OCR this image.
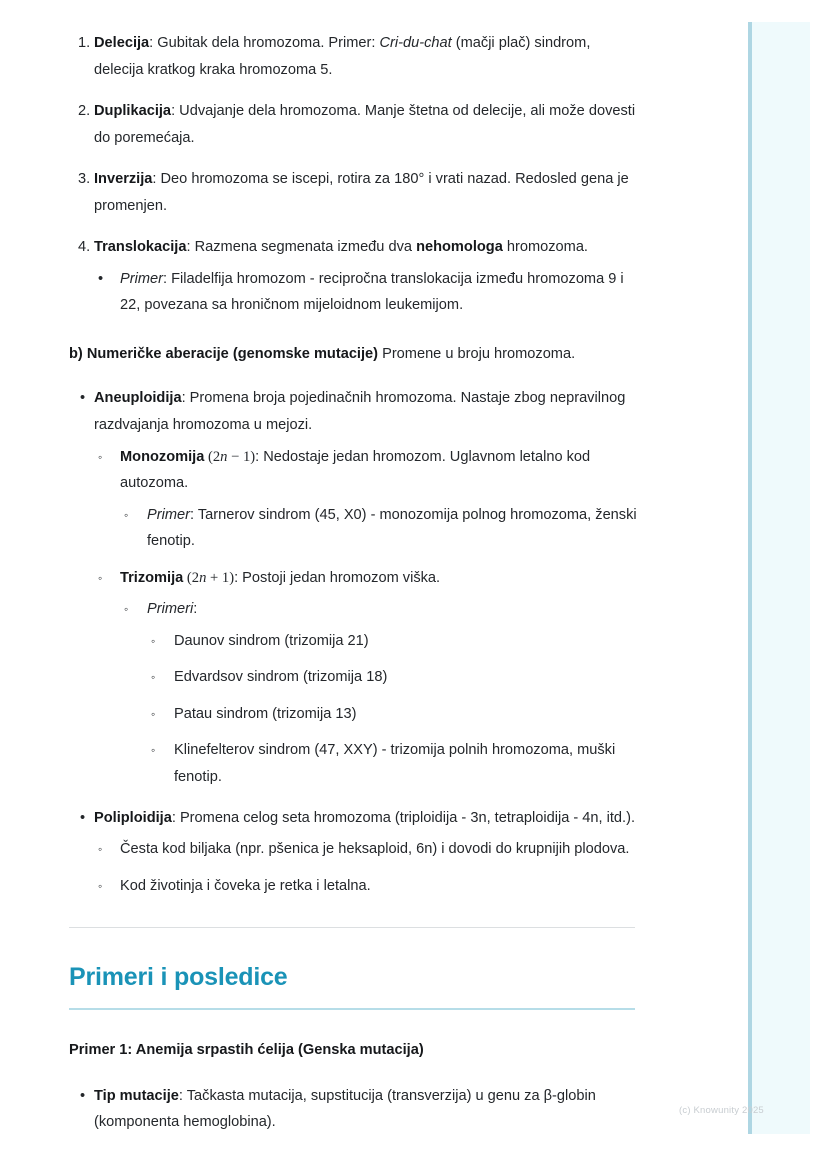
1. Delecija: Gubitak dela hromozoma. Primer: Cri-du-chat (mačji plač) sindrom, delecija kratkog kraka hromozoma 5.
2. Duplikacija: Udvajanje dela hromozoma. Manje štetna od delecije, ali može dovesti do poremećaja.
3. Inverzija: Deo hromozoma se iscepi, rotira za 180° i vrati nazad. Redosled gena je promenjen.
4. Translokacija: Razmena segmenata između dva nehomologa hromozoma.
• Primer: Filadelfija hromozom - recipročna translokacija između hromozoma 9 i 22, povezana sa hroničnom mijeloidnom leukemijom.
b) Numeričke aberacije (genomske mutacije) Promene u broju hromozoma.
• Aneuploidija: Promena broja pojedinačnih hromozoma. Nastaje zbog nepravilnog razdvajanja hromozoma u mejozi.
◦ Monozomija (2n − 1): Nedostaje jedan hromozom. Uglavnom letalno kod autozoma.
◦ Primer: Tarnerov sindrom (45, X0) - monozomija polnog hromozoma, ženski fenotip.
◦ Trizomija (2n + 1): Postoji jedan hromozom viška.
◦ Primeri:
◦ Daunov sindrom (trizomija 21)
◦ Edvardsov sindrom (trizomija 18)
◦ Patau sindrom (trizomija 13)
◦ Klinefelterov sindrom (47, XXY) - trizomija polnih hromozoma, muški fenotip.
• Poliploidija: Promena celog seta hromozoma (triploidija - 3n, tetraploidija - 4n, itd.).
◦ Česta kod biljaka (npr. pšenica je heksaploid, 6n) i dovodi do krupnijih plodova.
◦ Kod životinja i čoveka je retka i letalna.
Primeri i posledice
Primer 1: Anemija srpastih ćelija (Genska mutacija)
• Tip mutacije: Tačkasta mutacija, supstitucija (transverzija) u genu za β-globin (komponenta hemoglobina).
(c) Knowunity 2025
